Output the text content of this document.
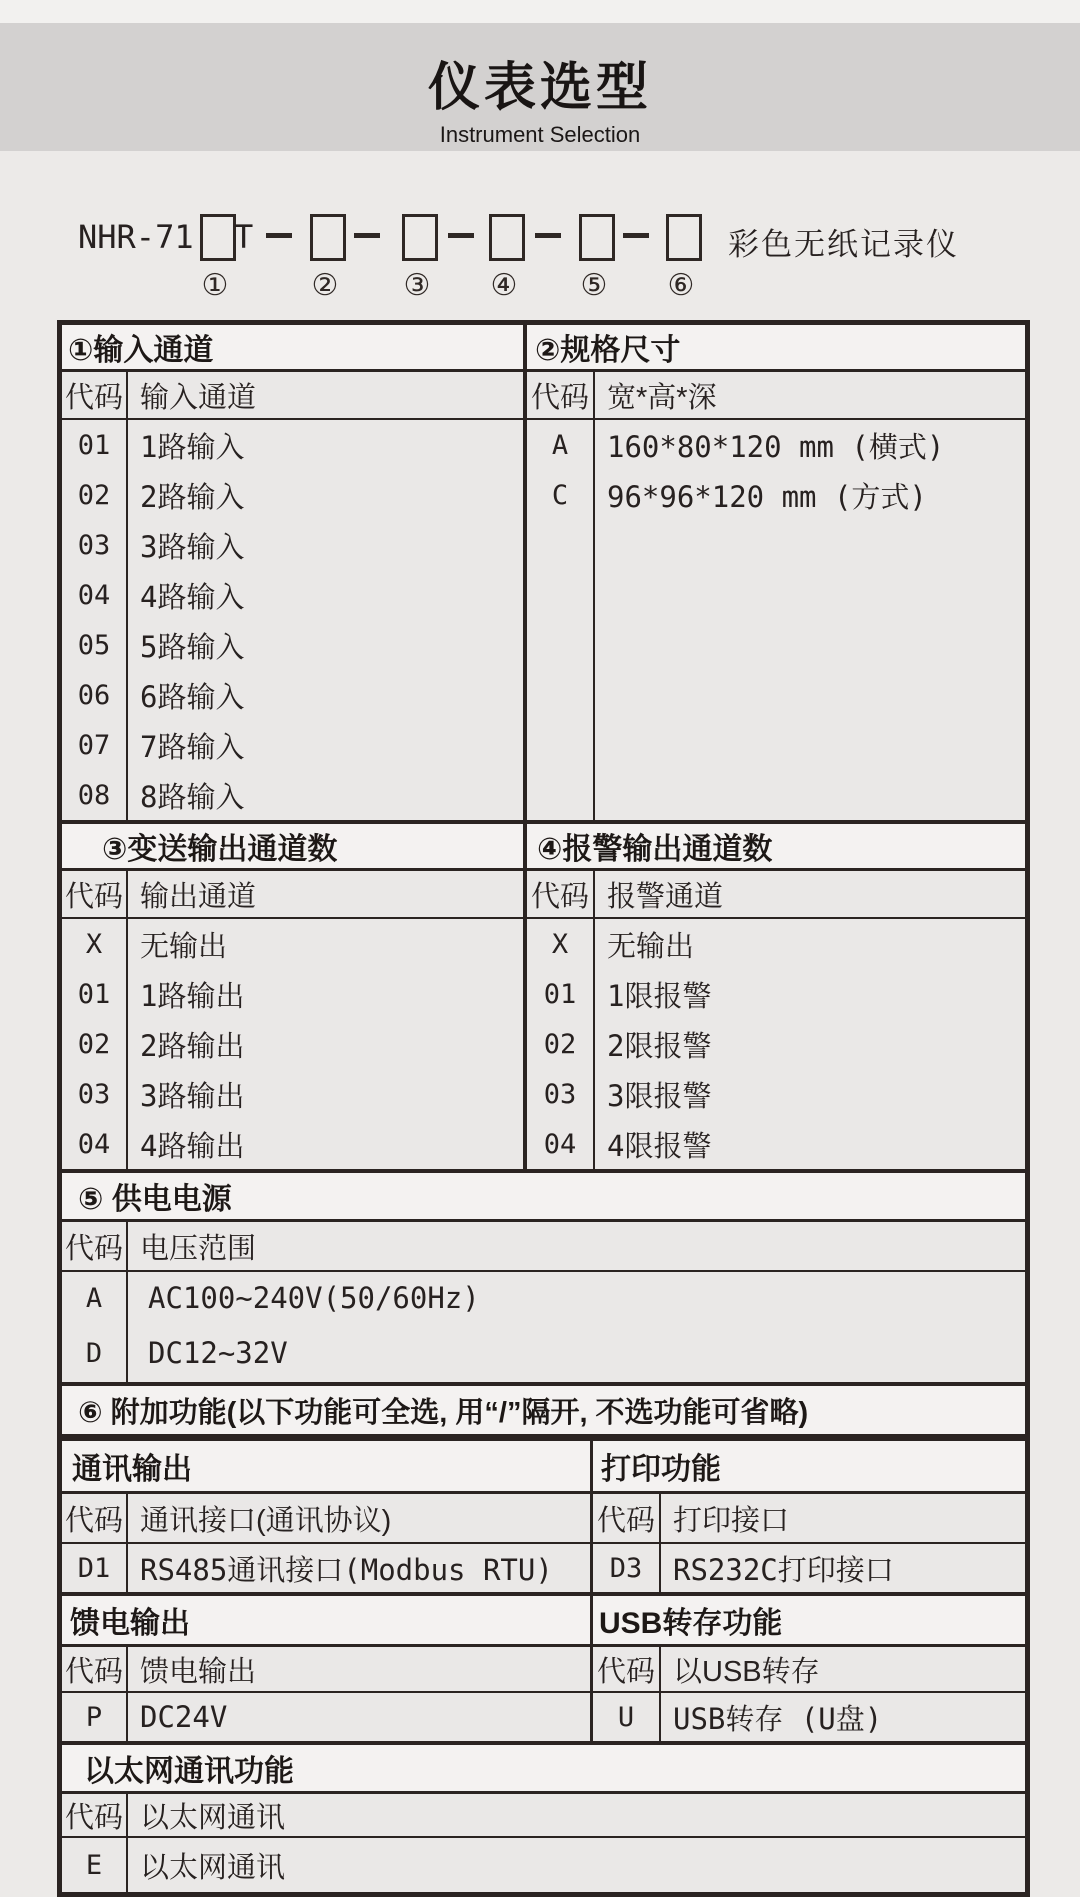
仪表选型
Instrument Selection
NHR-71 T	彩色无纸记录仪
①	② ③ ④ ⑤ ⑥
①输入通道
代码
01
02
03
04
05
06
07
08
输入通道
1路输入
2路输入
3路输入
4路输入
5路输入
6路输入
7路输入
8路输入
②规格尺寸
代码
A
C
宽*高*深
160*80*120 mm (横式)
96*96*120 mm (方式)
③变送输出通道数
代码
X
01
02
03
04
输出通道
无输出
1路输出
2路输出
3路输出
4路输出
④报警输出通道数
代码
X
01
02
03
04
报警通道
无输出
1限报警
2限报警
3限报警
4限报警
⑤ 供电电源
代码
A
D
电压范围
AC100~240V(50/60Hz)
DC12~32V
⑥ 附加功能(以下功能可全选, 用“/”隔开, 不选功能可省略)
通讯输出
代码
D1
通讯接口(通讯协议)
RS485通讯接口(Modbus RTU)
打印功能
代码
D3
打印接口
RS232C打印接口
馈电输出
代码
P
馈电输出
DC24V
USB转存功能
代码
U
以USB转存
USB转存 (U盘)
以太网通讯功能
代码
E
以太网通讯
以太网通讯
